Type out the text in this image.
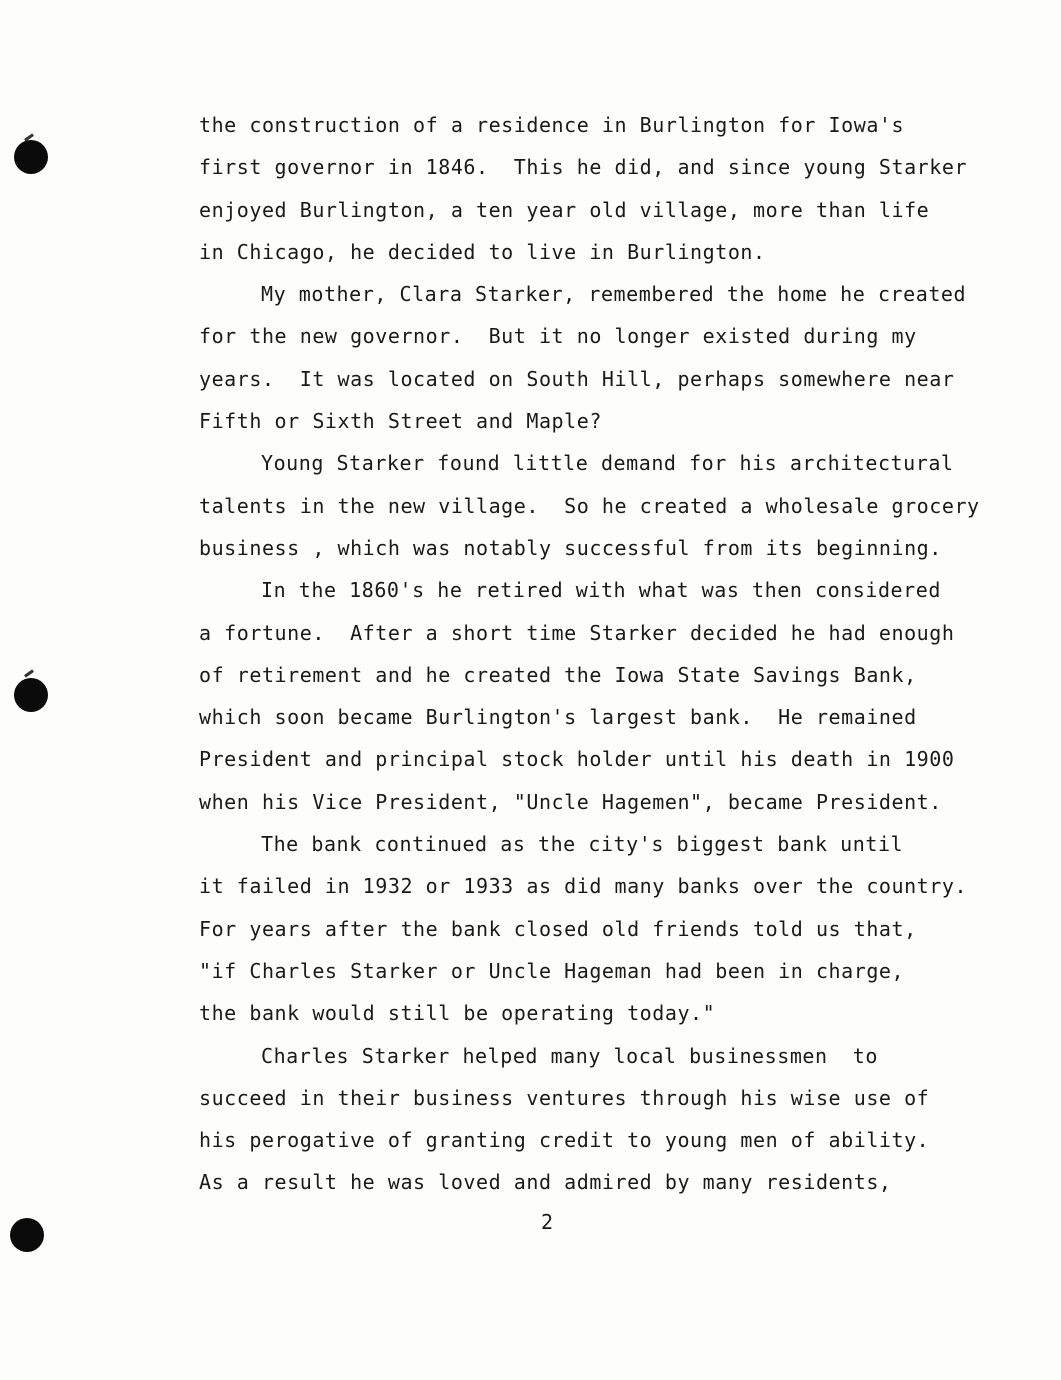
the construction of a residence in Burlington for Iowa's
first governor in 1846.  This he did, and since young Starker
enjoyed Burlington, a ten year old village, more than life
in Chicago, he decided to live in Burlington.
My mother, Clara Starker, remembered the home he created
for the new governor.  But it no longer existed during my
years.  It was located on South Hill, perhaps somewhere near
Fifth or Sixth Street and Maple?
Young Starker found little demand for his architectural
talents in the new village.  So he created a wholesale grocery
business , which was notably successful from its beginning.
In the 1860's he retired with what was then considered
a fortune.  After a short time Starker decided he had enough
of retirement and he created the Iowa State Savings Bank,
which soon became Burlington's largest bank.  He remained
President and principal stock holder until his death in 1900
when his Vice President, "Uncle Hagemen", became President.
The bank continued as the city's biggest bank until
it failed in 1932 or 1933 as did many banks over the country.
For years after the bank closed old friends told us that,
"if Charles Starker or Uncle Hageman had been in charge,
the bank would still be operating today."
Charles Starker helped many local businessmen  to
succeed in their business ventures through his wise use of
his perogative of granting credit to young men of ability.
As a result he was loved and admired by many residents,
2
